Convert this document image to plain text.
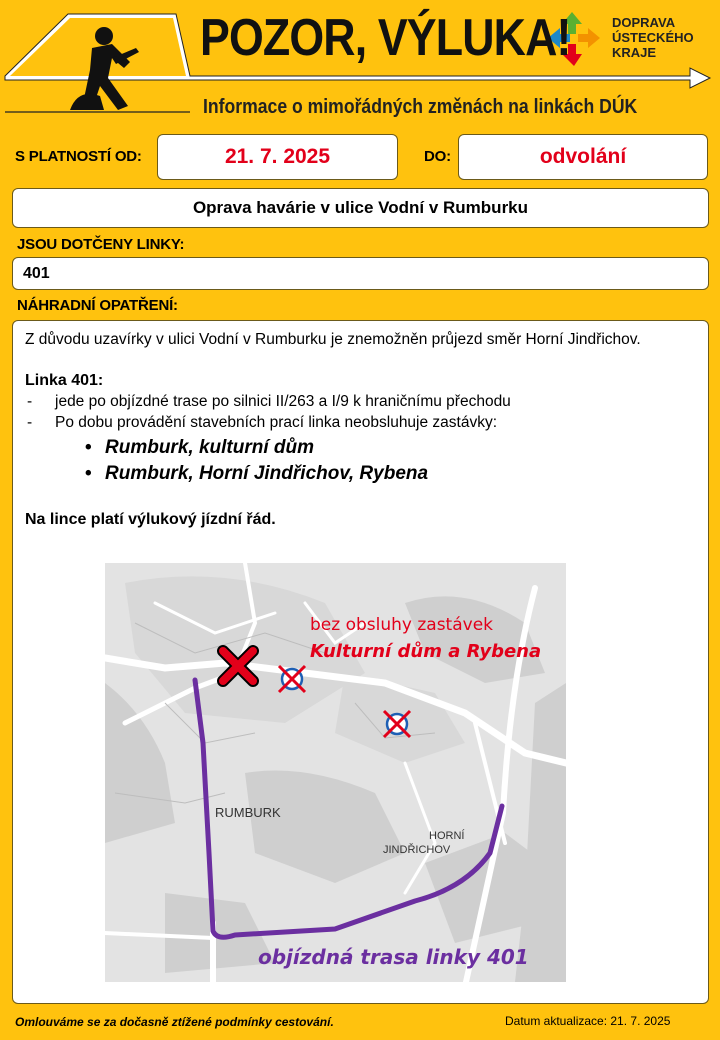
POZOR, VÝLUKA!
Informace o mimořádných změnách na linkách DÚK
DOPRAVA
ÚSTECKÉHO
KRAJE
S PLATNOSTÍ OD:	21. 7. 2025	DO:	odvolání
Oprava havárie v ulice Vodní v Rumburku
JSOU DOTČENY LINKY:
401
NÁHRADNÍ OPATŘENÍ:

Z důvodu uzavírky v ulici Vodní v Rumburku je znemožněn průjezd směr Horní Jindřichov.

Linka 401:

- jede po objízdné trase po silnici II/263 a I/9 k hraničnímu přechodu
- Po dobu provádění stavebních prací linka neobsluhuje zastávky:
• Rumburk, kulturní dům
• Rumburk, Horní Jindřichov, Rybena

Na lince platí výlukový jízdní řád.

RUMBURK
HORNÍ
JINDŘICHOV
bez obsluhy zastávek
Kulturní dům a Rybena
objízdná trasa linky 401
Omlouváme se za dočasně ztížené podmínky cestování.	Datum aktualizace: 21. 7. 2025
